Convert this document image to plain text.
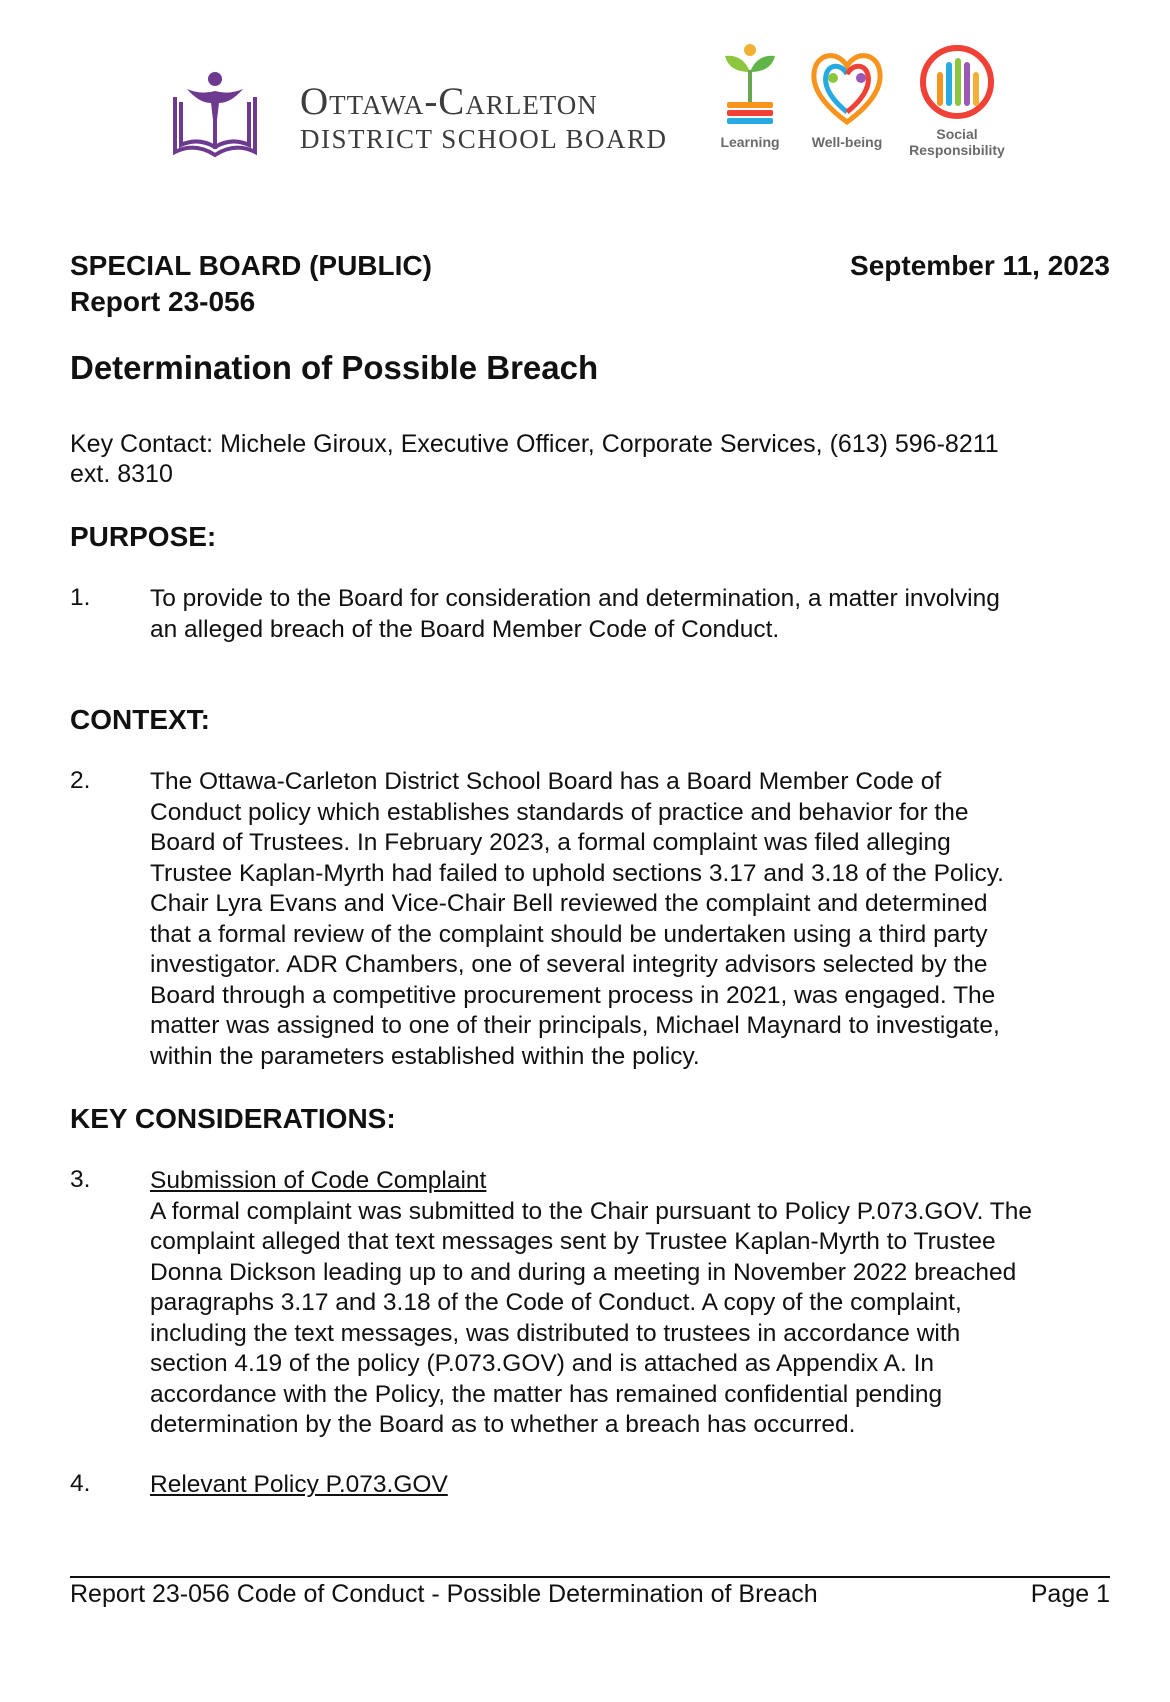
Ottawa-Carleton
DISTRICT SCHOOL BOARD	Learning	Well-being	Social
Responsibility
SPECIAL BOARD (PUBLIC)
Report 23-056
September 11, 2023
Determination of Possible Breach
Key Contact: Michele Giroux, Executive Officer, Corporate Services, (613) 596-8211
ext. 8310
PURPOSE:
1. To provide to the Board for consideration and determination, a matter involving
an alleged breach of the Board Member Code of Conduct.
CONTEXT:
2. The Ottawa-Carleton District School Board has a Board Member Code of
Conduct policy which establishes standards of practice and behavior for the
Board of Trustees. In February 2023, a formal complaint was filed alleging
Trustee Kaplan-Myrth had failed to uphold sections 3.17 and 3.18 of the Policy.
Chair Lyra Evans and Vice-Chair Bell reviewed the complaint and determined
that a formal review of the complaint should be undertaken using a third party
investigator. ADR Chambers, one of several integrity advisors selected by the
Board through a competitive procurement process in 2021, was engaged. The
matter was assigned to one of their principals, Michael Maynard to investigate,
within the parameters established within the policy.
KEY CONSIDERATIONS:
3. Submission of Code Complaint
A formal complaint was submitted to the Chair pursuant to Policy P.073.GOV. The
complaint alleged that text messages sent by Trustee Kaplan-Myrth to Trustee
Donna Dickson leading up to and during a meeting in November 2022 breached
paragraphs 3.17 and 3.18 of the Code of Conduct. A copy of the complaint,
including the text messages, was distributed to trustees in accordance with
section 4.19 of the policy (P.073.GOV) and is attached as Appendix A. In
accordance with the Policy, the matter has remained confidential pending
determination by the Board as to whether a breach has occurred.
4. Relevant Policy P.073.GOV
Report 23-056 Code of Conduct - Possible Determination of Breach	Page 1
